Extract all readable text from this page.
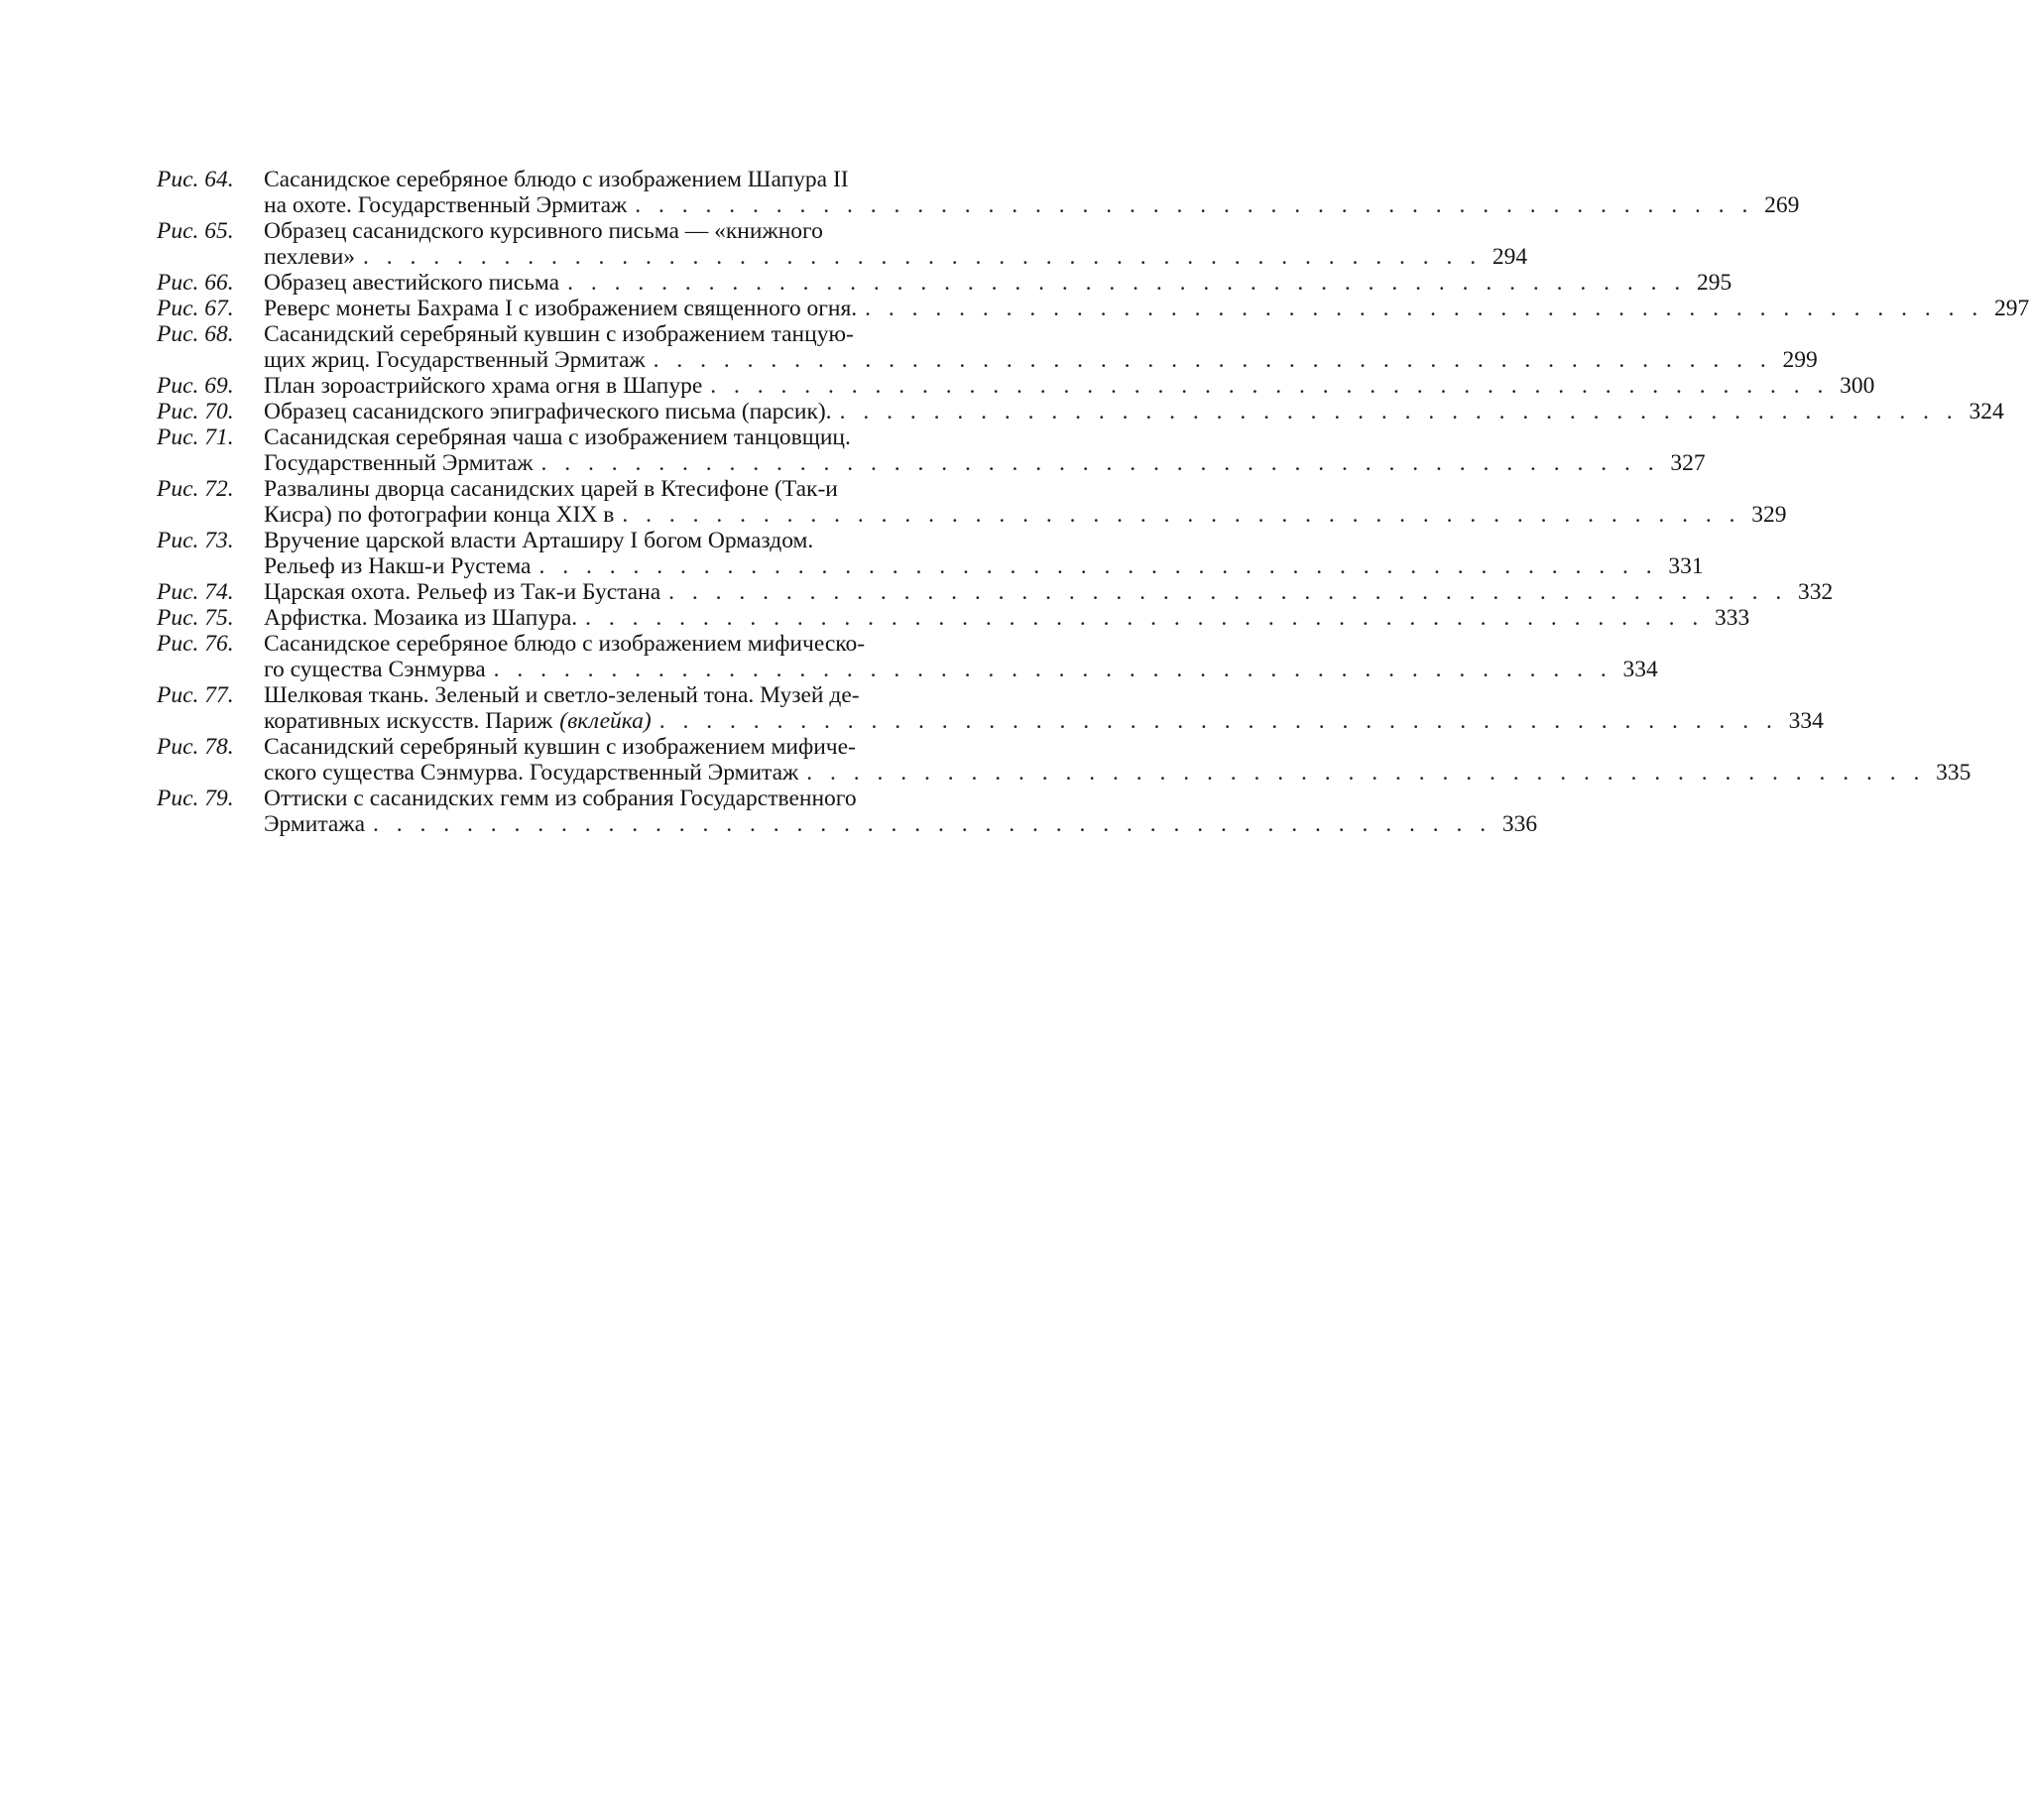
Рис. 64.	Сасанидское серебряное блюдо с изображением Шапура II
на охоте. Государственный Эрмитаж . . . . . . . . . . . . . . . . . . . . . . . . . . . . . . . . . . . . . . . . . . . . . . . . 269
Рис. 65.	Образец сасанидского курсивного письма — «книжного
пехлеви» . . . . . . . . . . . . . . . . . . . . . . . . . . . . . . . . . . . . . . . . . . . . . . . . 294
Рис. 66.	Образец авестийского письма . . . . . . . . . . . . . . . . . . . . . . . . . . . . . . . . . . . . . . . . . . . . . . . . 295
Рис. 67.	Реверс монеты Бахрама I с изображением священного огня. . . . . . . . . . . . . . . . . . . . . . . . . . . . . . . . . . . . . . . . . . . . . . . . . 297
Рис. 68.	Сасанидский серебряный кувшин с изображением танцую-
щих жриц. Государственный Эрмитаж . . . . . . . . . . . . . . . . . . . . . . . . . . . . . . . . . . . . . . . . . . . . . . . . 299
Рис. 69.	План зороастрийского храма огня в Шапуре . . . . . . . . . . . . . . . . . . . . . . . . . . . . . . . . . . . . . . . . . . . . . . . . 300
Рис. 70.	Образец сасанидского эпиграфического письма (парсик). . . . . . . . . . . . . . . . . . . . . . . . . . . . . . . . . . . . . . . . . . . . . . . . . 324
Рис. 71.	Сасанидская серебряная чаша с изображением танцовщиц.
Государственный Эрмитаж . . . . . . . . . . . . . . . . . . . . . . . . . . . . . . . . . . . . . . . . . . . . . . . . 327
Рис. 72.	Развалины дворца сасанидских царей в Ктесифоне (Так-и
Кисра) по фотографии конца XIX в . . . . . . . . . . . . . . . . . . . . . . . . . . . . . . . . . . . . . . . . . . . . . . . . 329
Рис. 73.	Вручение царской власти Арташиру I богом Ормаздом.
Рельеф из Накш-и Рустема . . . . . . . . . . . . . . . . . . . . . . . . . . . . . . . . . . . . . . . . . . . . . . . . 331
Рис. 74.	Царская охота. Рельеф из Так-и Бустана . . . . . . . . . . . . . . . . . . . . . . . . . . . . . . . . . . . . . . . . . . . . . . . . 332
Рис. 75.	Арфистка. Мозаика из Шапура. . . . . . . . . . . . . . . . . . . . . . . . . . . . . . . . . . . . . . . . . . . . . . . . . 333
Рис. 76.	Сасанидское серебряное блюдо с изображением мифическо-
го существа Сэнмурва . . . . . . . . . . . . . . . . . . . . . . . . . . . . . . . . . . . . . . . . . . . . . . . . 334
Рис. 77.	Шелковая ткань. Зеленый и светло-зеленый тона. Музей де-
коративных искусств. Париж (вклейка) . . . . . . . . . . . . . . . . . . . . . . . . . . . . . . . . . . . . . . . . . . . . . . . . 334
Рис. 78.	Сасанидский серебряный кувшин с изображением мифиче-
ского существа Сэнмурва. Государственный Эрмитаж . . . . . . . . . . . . . . . . . . . . . . . . . . . . . . . . . . . . . . . . . . . . . . . . 335
Рис. 79.	Оттиски с сасанидских гемм из собрания Государственного
Эрмитажа . . . . . . . . . . . . . . . . . . . . . . . . . . . . . . . . . . . . . . . . . . . . . . . . 336
